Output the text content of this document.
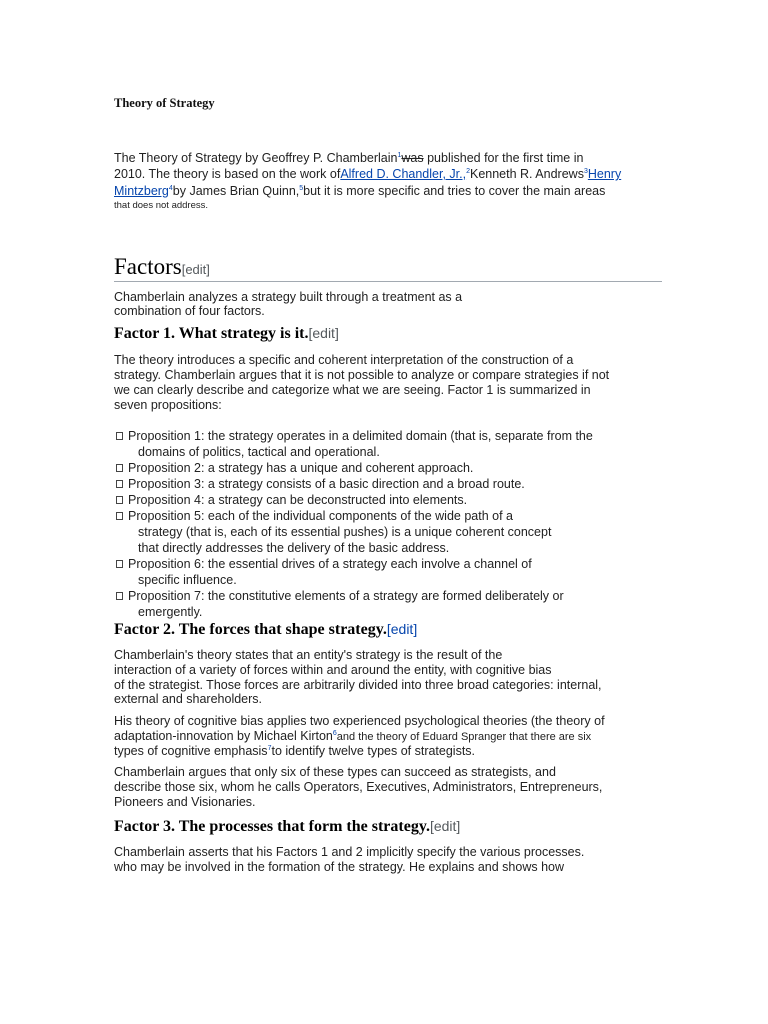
Theory of Strategy
The Theory of Strategy by Geoffrey P. Chamberlain$^1$was published for the first time in
2010. The theory is based on the work ofAlfred D. Chandler, Jr.,$^2$Kenneth R. Andrews$^3$Henry
Mintzberg$^4$by James Brian Quinn,$^5$but it is more specific and tries to cover the main areas
that does not address.
Factors[edit]
Chamberlain analyzes a strategy built through a treatment as a
combination of four factors.
Factor 1. What strategy is it.[edit]
The theory introduces a specific and coherent interpretation of the construction of a
strategy. Chamberlain argues that it is not possible to analyze or compare strategies if not
we can clearly describe and categorize what we are seeing. Factor 1 is summarized in
seven propositions:
Proposition 1: the strategy operates in a delimited domain (that is, separate from the
domains of politics, tactical and operational.
Proposition 2: a strategy has a unique and coherent approach.
Proposition 3: a strategy consists of a basic direction and a broad route.
Proposition 4: a strategy can be deconstructed into elements.
Proposition 5: each of the individual components of the wide path of a
strategy (that is, each of its essential pushes) is a unique coherent concept
that directly addresses the delivery of the basic address.
Proposition 6: the essential drives of a strategy each involve a channel of
specific influence.
Proposition 7: the constitutive elements of a strategy are formed deliberately or
emergently.
Factor 2. The forces that shape strategy.[edit]
Chamberlain's theory states that an entity's strategy is the result of the
interaction of a variety of forces within and around the entity, with cognitive bias
of the strategist. Those forces are arbitrarily divided into three broad categories: internal,
external and shareholders.
His theory of cognitive bias applies two experienced psychological theories (the theory of
adaptation-innovation by Michael Kirton$^6$and the theory of Eduard Spranger that there are six
types of cognitive emphasis$^7$to identify twelve types of strategists.
Chamberlain argues that only six of these types can succeed as strategists, and
describe those six, whom he calls Operators, Executives, Administrators, Entrepreneurs,
Pioneers and Visionaries.
Factor 3. The processes that form the strategy.[edit]
Chamberlain asserts that his Factors 1 and 2 implicitly specify the various processes.
who may be involved in the formation of the strategy. He explains and shows how
